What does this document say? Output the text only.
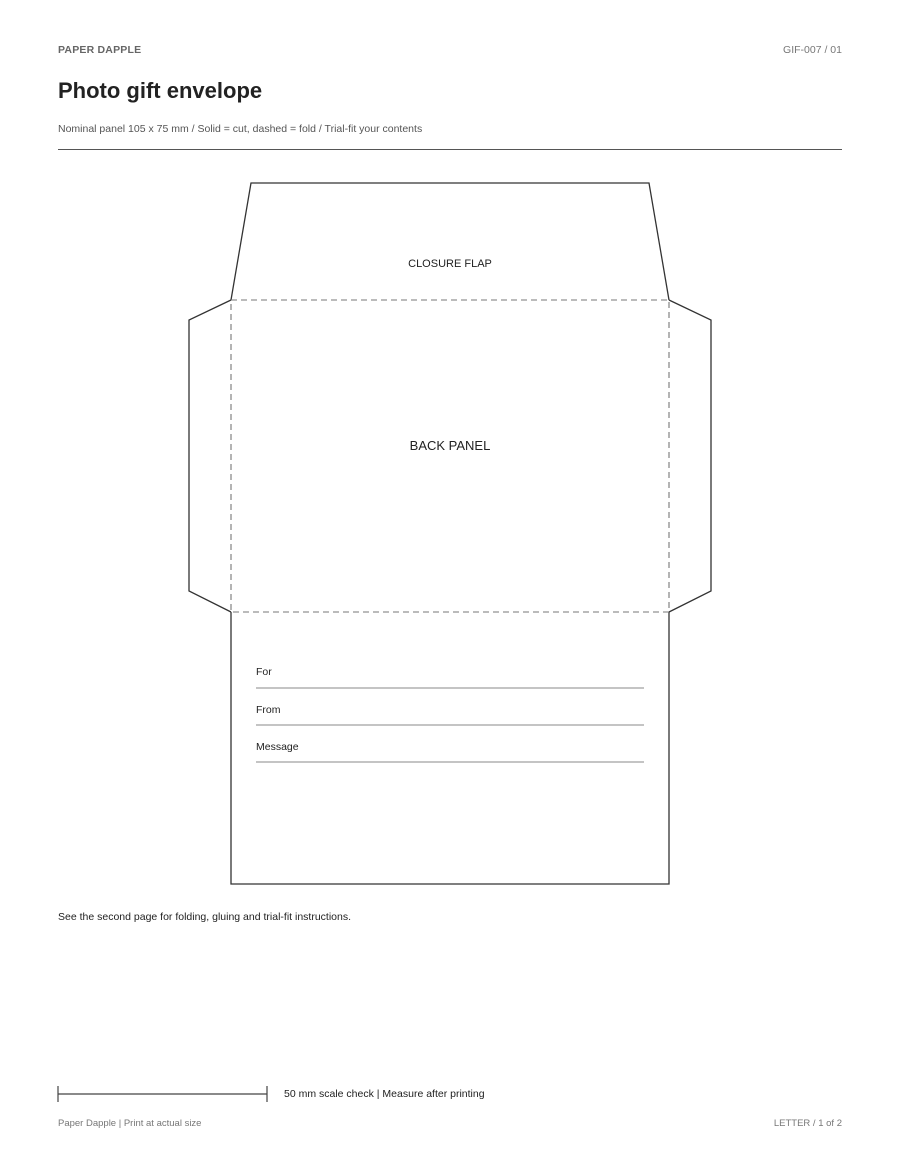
PAPER DAPPLE	GIF-007 / 01
Photo gift envelope
Nominal panel 105 x 75 mm / Solid = cut, dashed = fold / Trial-fit your contents
CLOSURE FLAP
BACK PANEL
For
From
Message
See the second page for folding, gluing and trial-fit instructions.
50 mm scale check | Measure after printing
Paper Dapple | Print at actual size	LETTER / 1 of 2
